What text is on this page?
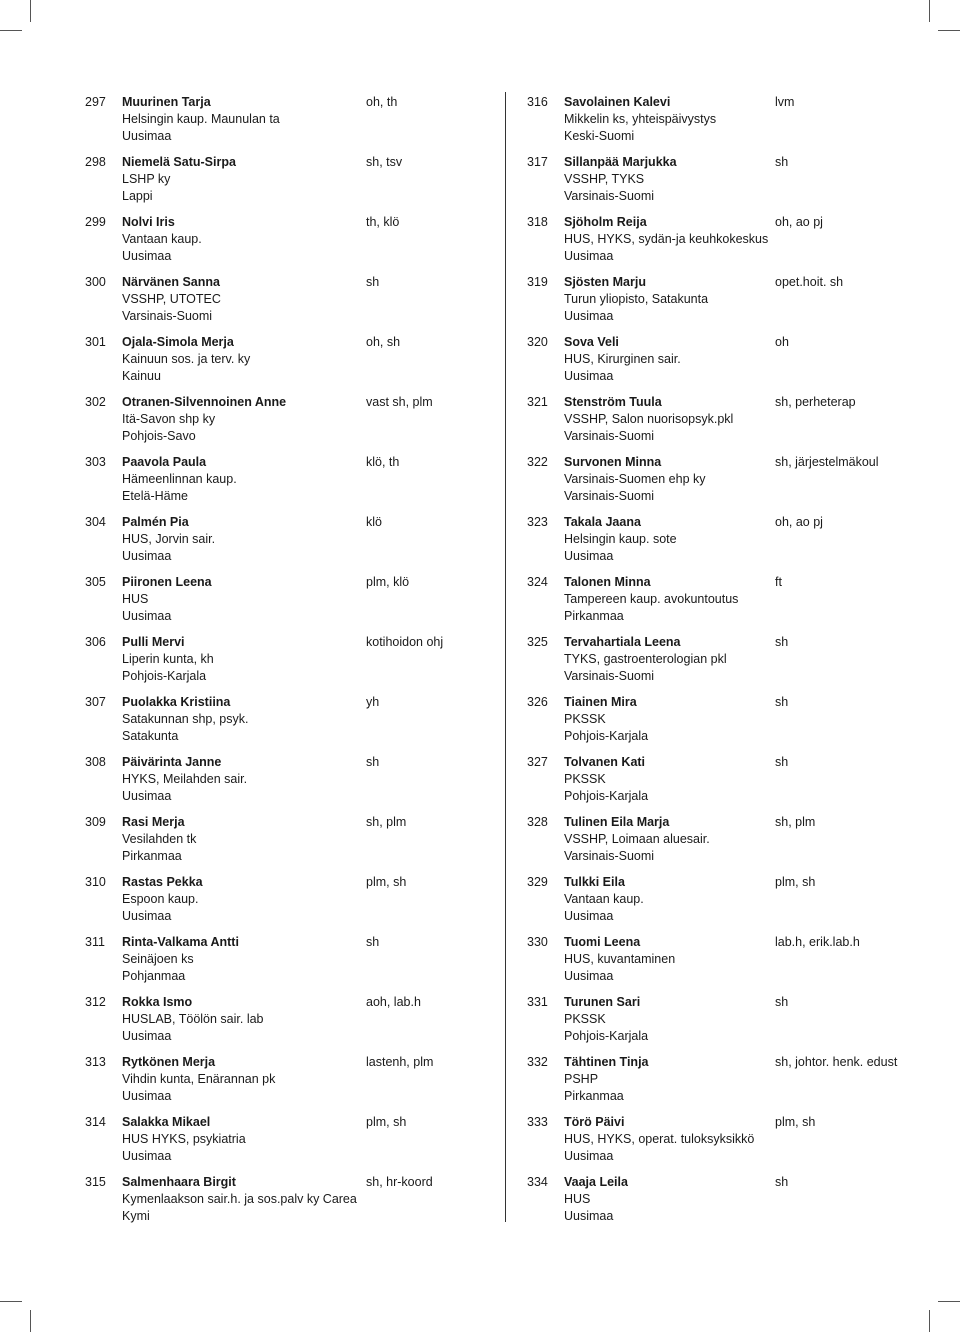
297 Muurinen Tarja
Helsingin kaup. Maunulan ta
Uusimaa
oh, th
298 Niemelä Satu-Sirpa
LSHP ky
Lappi
sh, tsv
299 Nolvi Iris
Vantaan kaup.
Uusimaa
th, klö
300 Närvänen Sanna
VSSHP, UTOTEC
Varsinais-Suomi
sh
301 Ojala-Simola Merja
Kainuun sos. ja terv. ky
Kainuu
oh, sh
302 Otranen-Silvennoinen Anne
Itä-Savon shp ky
Pohjois-Savo
vast sh, plm
303 Paavola Paula
Hämeenlinnan kaup.
Etelä-Häme
klö, th
304 Palmén Pia
HUS, Jorvin sair.
Uusimaa
klö
305 Piironen Leena
HUS
Uusimaa
plm, klö
306 Pulli Mervi
Liperin kunta, kh
Pohjois-Karjala
kotihoidon ohj
307 Puolakka Kristiina
Satakunnan shp, psyk.
Satakunta
yh
308 Päivärinta Janne
HYKS, Meilahden sair.
Uusimaa
sh
309 Rasi Merja
Vesilahden tk
Pirkanmaa
sh, plm
310 Rastas Pekka
Espoon kaup.
Uusimaa
plm, sh
311 Rinta-Valkama Antti
Seinäjoen ks
Pohjanmaa
sh
312 Rokka Ismo
HUSLAB, Töölön sair. lab
Uusimaa
aoh, lab.h
313 Rytkönen Merja
Vihdin kunta, Enärannan pk
Uusimaa
lastenh, plm
314 Salakka Mikael
HUS HYKS, psykiatria
Uusimaa
plm, sh
315 Salmenhaara Birgit
Kymenlaakson sair.h. ja sos.palv ky Carea
Kymi
sh, hr-koord
316 Savolainen Kalevi
Mikkelin ks, yhteispäivystys
Keski-Suomi
lvm
317 Sillanpää Marjukka
VSSHP, TYKS
Varsinais-Suomi
sh
318 Sjöholm Reija
HUS, HYKS, sydän-ja keuhkokeskus
Uusimaa
oh, ao pj
319 Sjösten Marju
Turun yliopisto, Satakunta
Uusimaa
opet.hoit. sh
320 Sova Veli
HUS, Kirurginen sair.
Uusimaa
oh
321 Stenström Tuula
VSSHP, Salon nuorisopsyk.pkl
Varsinais-Suomi
sh, perheterap
322 Survonen Minna
Varsinais-Suomen ehp ky
Varsinais-Suomi
sh, järjestelmäkoul
323 Takala Jaana
Helsingin kaup. sote
Uusimaa
oh, ao pj
324 Talonen Minna
Tampereen kaup. avokuntoutus
Pirkanmaa
ft
325 Tervahartiala Leena
TYKS, gastroenterologian pkl
Varsinais-Suomi
sh
326 Tiainen Mira
PKSSK
Pohjois-Karjala
sh
327 Tolvanen Kati
PKSSK
Pohjois-Karjala
sh
328 Tulinen Eila Marja
VSSHP, Loimaan aluesair.
Varsinais-Suomi
sh, plm
329 Tulkki Eila
Vantaan kaup.
Uusimaa
plm, sh
330 Tuomi Leena
HUS, kuvantaminen
Uusimaa
lab.h, erik.lab.h
331 Turunen Sari
PKSSK
Pohjois-Karjala
sh
332 Tähtinen Tinja
PSHP
Pirkanmaa
sh, johtor. henk. edust
333 Törö Päivi
HUS, HYKS, operat. tuloksyksikkö
Uusimaa
plm, sh
334 Vaaja Leila
HUS
Uusimaa
sh
